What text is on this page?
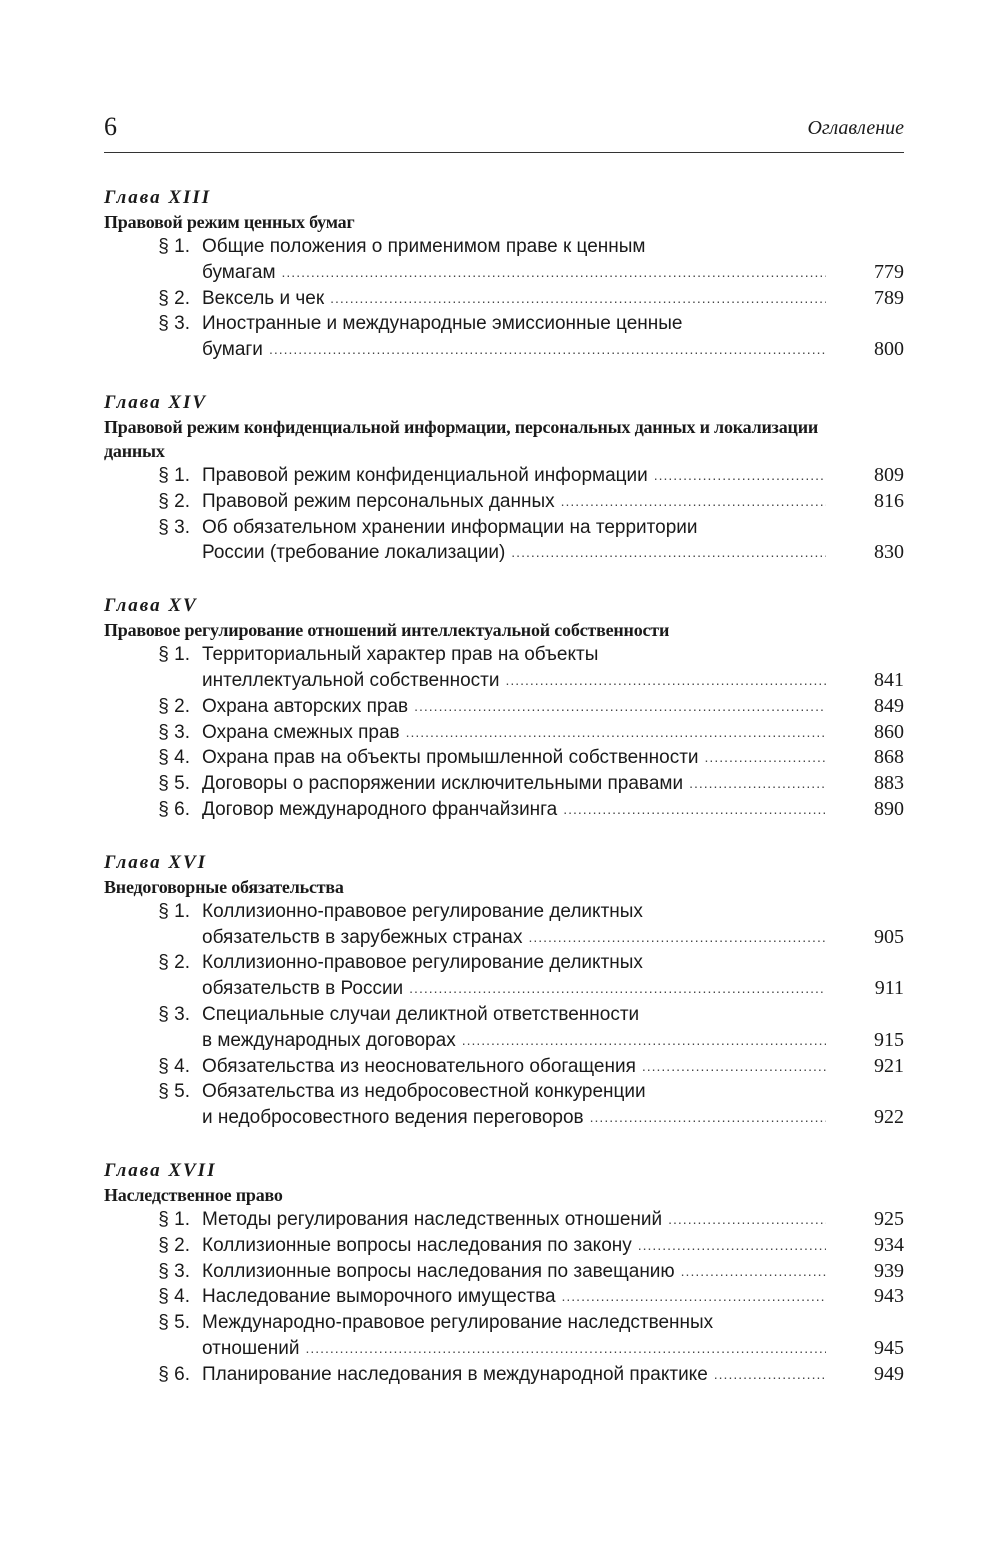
6	Оглавление
Глава XIII
Правовой режим ценных бумаг
§ 1. Общие положения о применимом праве к ценным
бумагам .....	779
§ 2. Вексель и чек .....	789
§ 3. Иностранные и международные эмиссионные ценные
бумаги .....	800
Глава XIV
Правовой режим конфиденциальной информации, персональных данных и локализации данных
§ 1. Правовой режим конфиденциальной информации .....	809
§ 2. Правовой режим персональных данных .....	816
§ 3. Об обязательном хранении информации на территории
России (требование локализации) .....	830
Глава XV
Правовое регулирование отношений интеллектуальной собственности
§ 1. Территориальный характер прав на объекты
интеллектуальной собственности .....	841
§ 2. Охрана авторских прав .....	849
§ 3. Охрана смежных прав .....	860
§ 4. Охрана прав на объекты промышленной собственности .....	868
§ 5. Договоры о распоряжении исключительными правами .....	883
§ 6. Договор международного франчайзинга .....	890
Глава XVI
Внедоговорные обязательства
§ 1. Коллизионно-правовое регулирование деликтных
обязательств в зарубежных странах .....	905
§ 2. Коллизионно-правовое регулирование деликтных
обязательств в России .....	911
§ 3. Специальные случаи деликтной ответственности
в международных договорах .....	915
§ 4. Обязательства из неосновательного обогащения .....	921
§ 5. Обязательства из недобросовестной конкуренции
и недобросовестного ведения переговоров .....	922
Глава XVII
Наследственное право
§ 1. Методы регулирования наследственных отношений .....	925
§ 2. Коллизионные вопросы наследования по закону .....	934
§ 3. Коллизионные вопросы наследования по завещанию .....	939
§ 4. Наследование выморочного имущества .....	943
§ 5. Международно-правовое регулирование наследственных
отношений .....	945
§ 6. Планирование наследования в международной практике .....	949
